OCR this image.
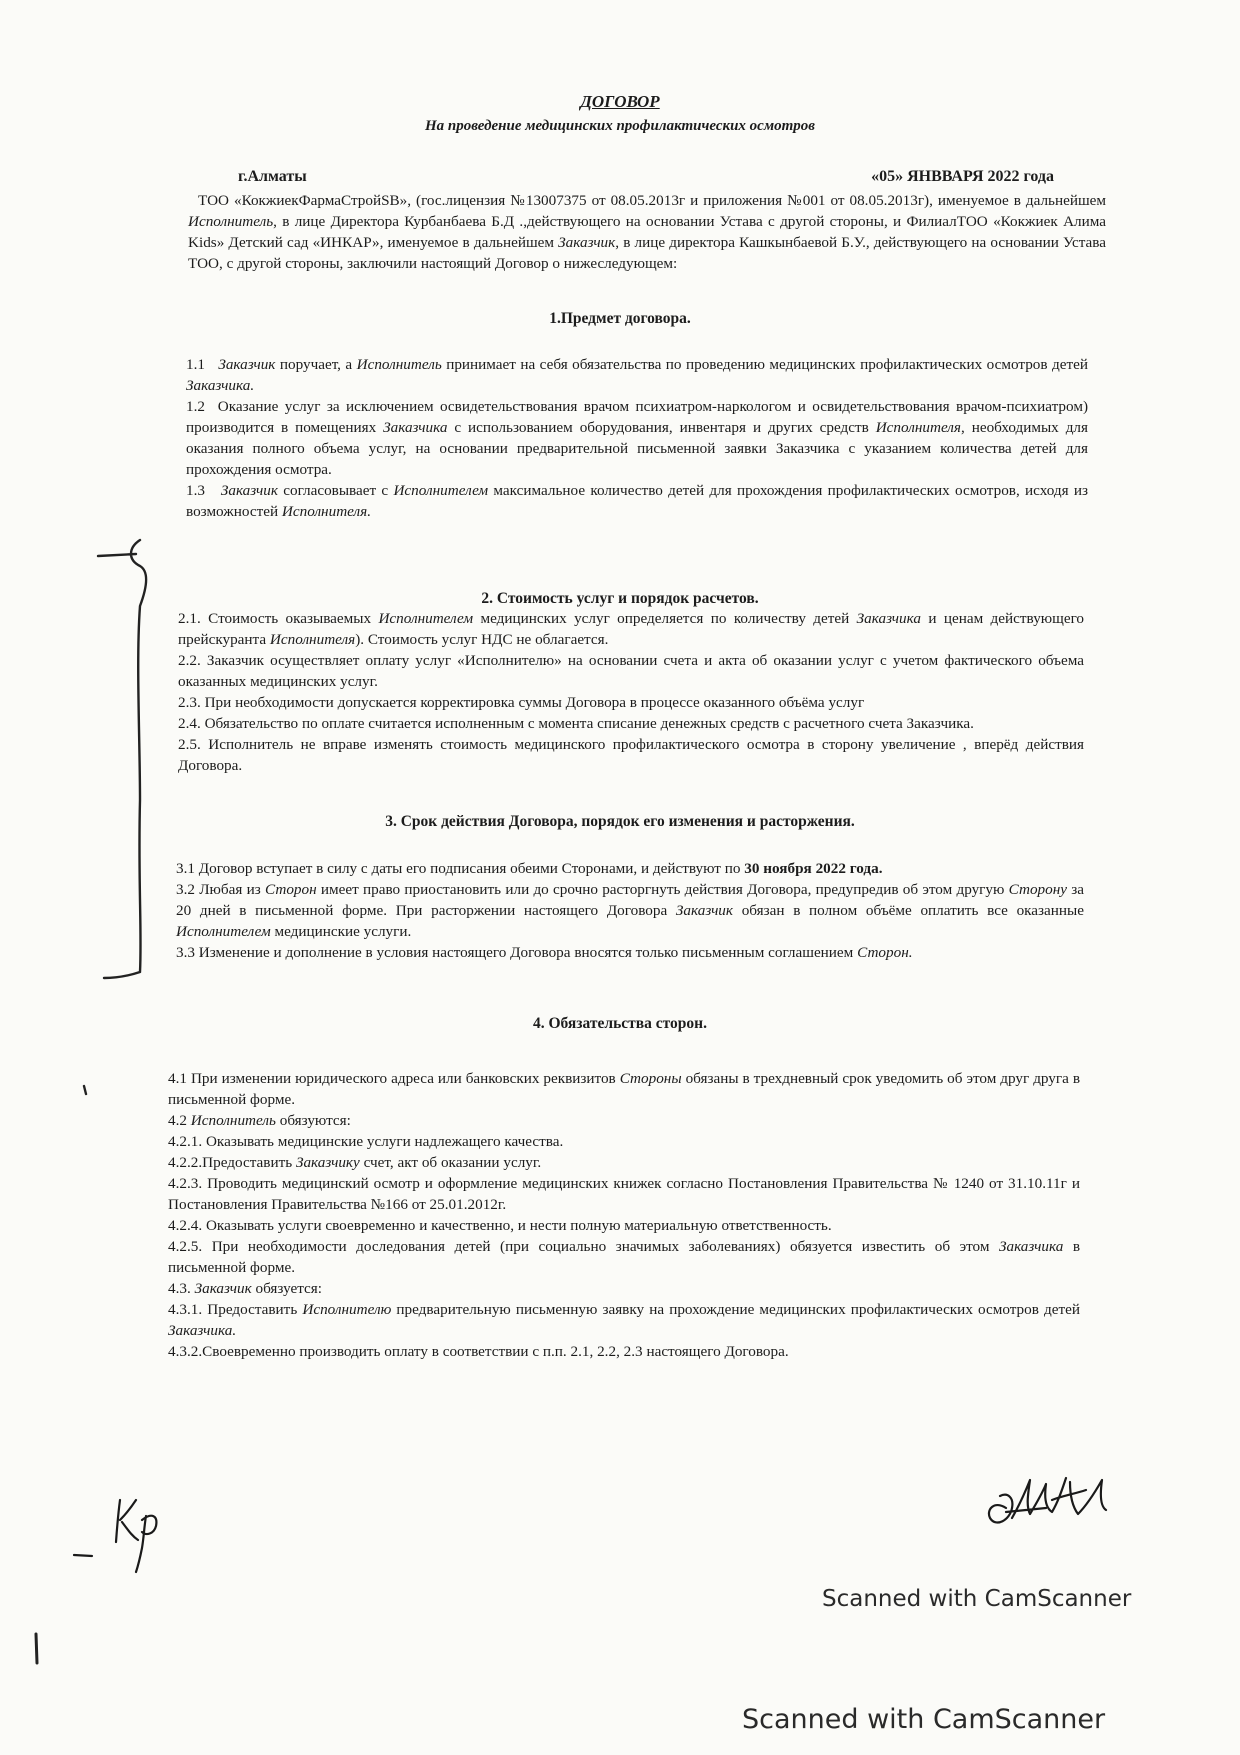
ДОГОВОР
На проведение медицинских профилактических осмотров
г.Алматы	«05» ЯНВВАРЯ 2022 года

ТОО «КокжиекФармаСтройSB», (гос.лицензия №13007375 от 08.05.2013г и приложения №001 от 08.05.2013г), именуемое в дальнейшем Исполнитель, в лице Директора Курбанбаева Б.Д .,действующего на основании Устава с другой стороны, и ФилиалТОО «Кокжиек Алима Kids» Детский сад «ИНКАР», именуемое в дальнейшем Заказчик, в лице директора Кашкынбаевой Б.У., действующего на основании Устава ТОО, с другой стороны, заключили настоящий Договор о нижеследующем:

1.Предмет договора.

1.1 Заказчик поручает, а Исполнитель принимает на себя обязательства по проведению медицинских профилактических осмотров детей Заказчика.

1.2  Оказание услуг за исключением освидетельствования врачом психиатром-наркологом и освидетельствования врачом-психиатром) производится в помещениях Заказчика с использованием оборудования, инвентаря и других средств Исполнителя, необходимых для оказания полного объема услуг, на основании предварительной письменной заявки Заказчика с указанием количества детей для прохождения осмотра.

1.3 Заказчик согласовывает с Исполнителем максимальное количество детей для прохождения профилактических осмотров, исходя из возможностей Исполнителя.

2. Стоимость услуг и порядок расчетов.

2.1. Стоимость оказываемых Исполнителем медицинских услуг определяется по количеству детей Заказчика и ценам действующего прейскуранта Исполнителя). Стоимость услуг НДС не облагается.

2.2. Заказчик осуществляет оплату услуг «Исполнителю» на основании счета и акта об оказании услуг с учетом фактического объема оказанных медицинских услуг.

2.3. При необходимости допускается корректировка суммы Договора в процессе оказанного объёма услуг

2.4. Обязательство по оплате считается исполненным с момента списание денежных средств с расчетного счета Заказчика.

2.5. Исполнитель не вправе изменять стоимость медицинского профилактического осмотра в сторону увеличение , вперёд действия Договора.

3. Срок действия Договора, порядок его изменения и расторжения.

3.1 Договор вступает в силу с даты его подписания обеими Сторонами, и действуют по 30 ноября 2022 года.

3.2 Любая из Сторон имеет право приостановить или до срочно расторгнуть действия Договора, предупредив об этом другую Сторону за 20 дней в письменной форме. При расторжении настоящего Договора Заказчик обязан в полном объёме оплатить все оказанные Исполнителем медицинские услуги.

3.3 Изменение и дополнение в условия настоящего Договора вносятся только письменным соглашением Сторон.

4. Обязательства сторон.

4.1 При изменении юридического адреса или банковских реквизитов Стороны обязаны в трехдневный срок уведомить об этом друг друга в письменной форме.

4.2 Исполнитель обязуются:

4.2.1. Оказывать медицинские услуги надлежащего качества.

4.2.2.Предоставить Заказчику счет, акт об оказании услуг.

4.2.3. Проводить медицинский осмотр и оформление медицинских книжек согласно Постановления Правительства № 1240 от 31.10.11г и Постановления Правительства №166 от 25.01.2012г.

4.2.4. Оказывать услуги своевременно и качественно, и нести полную материальную ответственность.

4.2.5. При необходимости доследования детей (при социально значимых заболеваниях) обязуется известить об этом Заказчика в письменной форме.

4.3. Заказчик обязуется:

4.3.1. Предоставить Исполнителю предварительную письменную заявку на прохождение медицинских профилактических осмотров детей Заказчика.

4.3.2.Своевременно производить оплату в соответствии с п.п. 2.1, 2.2, 2.3 настоящего Договора.

Scanned with CamScanner
Scanned with CamScanner
